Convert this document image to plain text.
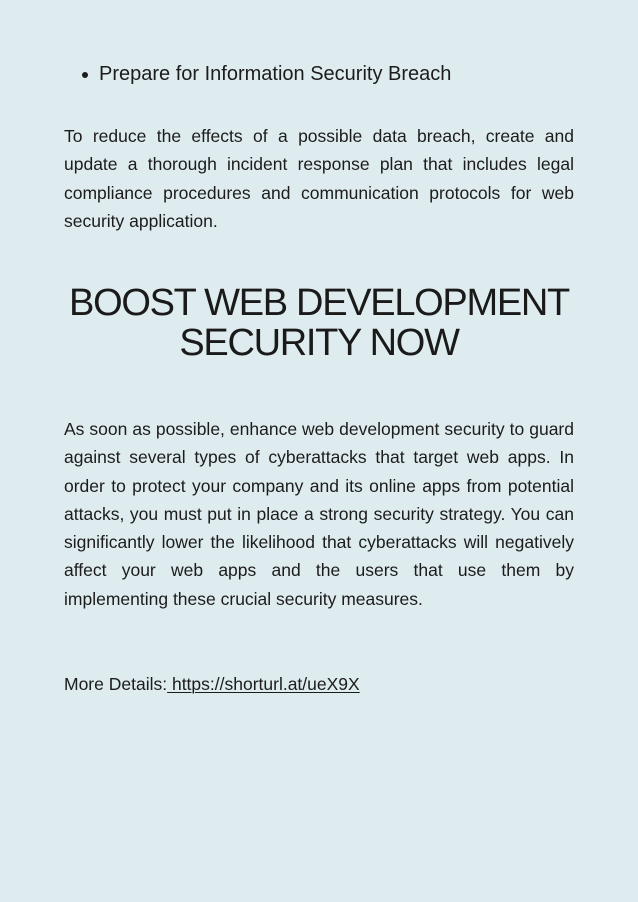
Prepare for Information Security Breach

To reduce the effects of a possible data breach, create and update a thorough incident response plan that includes legal compliance procedures and communication protocols for web security application.

BOOST WEB DEVELOPMENT
SECURITY NOW

As soon as possible, enhance web development security to guard against several types of cyberattacks that target web apps. In order to protect your company and its online apps from potential attacks, you must put in place a strong security strategy. You can significantly lower the likelihood that cyberattacks will negatively affect your web apps and the users that use them by implementing these crucial security measures.

More Details: https://shorturl.at/ueX9X
